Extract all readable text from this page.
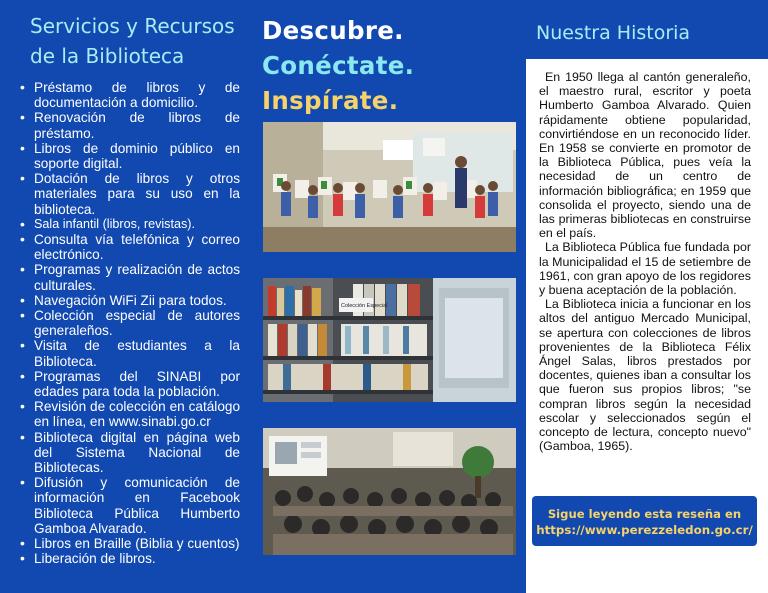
Servicios y Recursos
de la Biblioteca
• Préstamo de libros y de documentación a domicilio.
• Renovación de libros de préstamo.
• Libros de dominio público en soporte digital.
• Dotación de libros y otros materiales para su uso en la biblioteca.
• Sala infantil (libros, revistas).
• Consulta vía telefónica y correo electrónico.
• Programas y realización de actos culturales.
• Navegación WiFi Zii para todos.
• Colección especial de autores generaleños.
• Visita de estudiantes a la Biblioteca.
• Programas del SINABI por edades para toda la población.
• Revisión de colección en catálogo en línea, en www.sinabi.go.cr
• Biblioteca digital en página web del Sistema Nacional de Bibliotecas.
• Difusión y comunicación de información en Facebook Biblioteca Pública Humberto Gamboa Alvarado.
• Libros en Braille (Biblia y cuentos)
• Liberación de libros.
Descubre.
Conéctate.
Inspírate.
Colección Especial
Nuestra Historia

En 1950 llega al cantón generaleño, el maestro rural, escritor y poeta Humberto Gamboa Alvarado. Quien rápidamente obtiene popularidad, convirtiéndose en un reconocido líder. En 1958 se convierte en promotor de la Biblioteca Pública, pues veía la necesidad de un centro de información bibliográfica; en 1959 que consolida el proyecto, siendo una de las primeras bibliotecas en construirse en el país.

La Biblioteca Pública fue fundada por la Municipalidad el 15 de setiembre de 1961, con gran apoyo de los regidores y buena aceptación de la población.

La Biblioteca inicia a funcionar en los altos del antiguo Mercado Municipal, se apertura con colecciones de libros provenientes de la Biblioteca Félix Ángel Salas, libros prestados por docentes, quienes iban a consultar los que fueron sus propios libros; "se compran libros según la necesidad escolar y seleccionados según el concepto de lectura, concepto nuevo" (Gamboa, 1965).

Sigue leyendo esta reseña en
https://www.perezzeledon.go.cr/
